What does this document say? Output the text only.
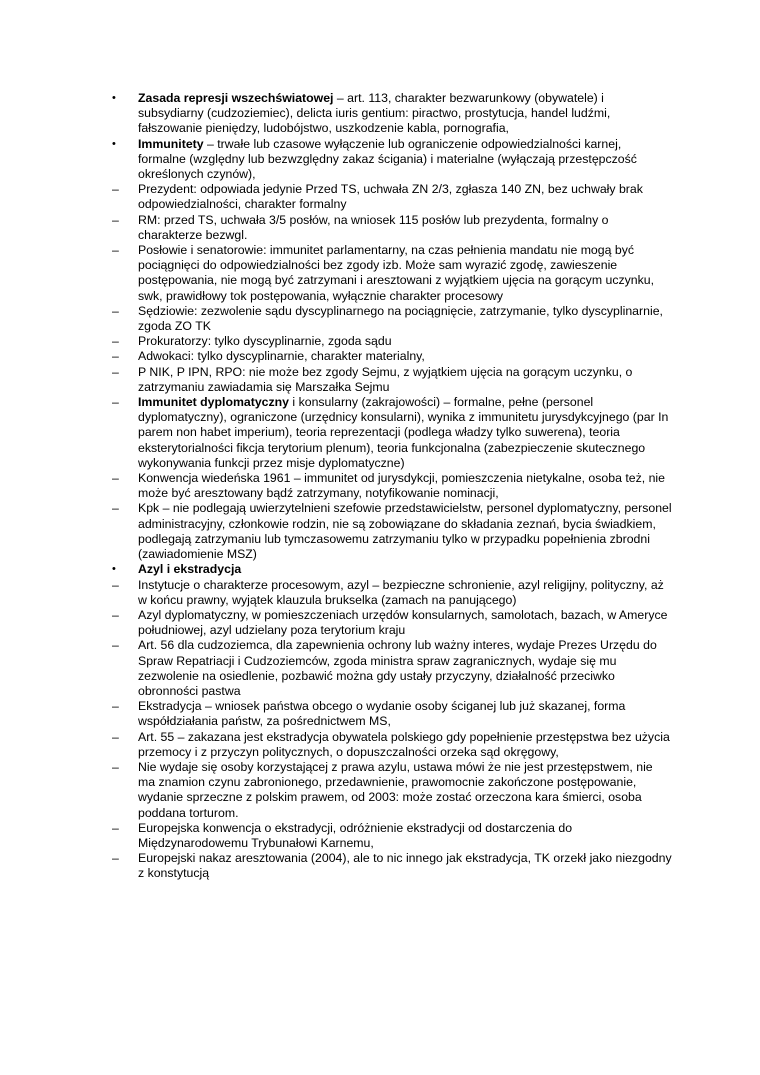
•	Zasada represji wszechświatowej – art. 113, charakter bezwarunkowy (obywatele) i subsydiarny (cudzoziemiec), delicta iuris gentium: piractwo, prostytucja, handel ludźmi, fałszowanie pieniędzy, ludobójstwo, uszkodzenie kabla, pornografia,
•	Immunitety – trwałe lub czasowe wyłączenie lub ograniczenie odpowiedzialności karnej, formalne (względny lub bezwzględny zakaz ścigania) i materialne (wyłączają przestępczość określonych czynów),
–	Prezydent: odpowiada jedynie Przed TS, uchwała ZN 2/3, zgłasza 140 ZN, bez uchwały brak odpowiedzialności, charakter formalny
–	RM: przed TS, uchwała 3/5 posłów, na wniosek 115 posłów lub prezydenta, formalny o charakterze bezwgl.
–	Posłowie i senatorowie: immunitet parlamentarny, na czas pełnienia mandatu nie mogą być pociągnięci do odpowiedzialności bez zgody izb. Może sam wyrazić zgodę, zawieszenie postępowania, nie mogą być zatrzymani i aresztowani z wyjątkiem ujęcia na gorącym uczynku, swk, prawidłowy tok postępowania, wyłącznie charakter procesowy
–	Sędziowie: zezwolenie sądu dyscyplinarnego na pociągnięcie, zatrzymanie, tylko dyscyplinarnie, zgoda ZO TK
–	Prokuratorzy: tylko dyscyplinarnie, zgoda sądu
–	Adwokaci: tylko dyscyplinarnie, charakter materialny,
–	P NIK, P IPN, RPO: nie może bez zgody Sejmu, z wyjątkiem ujęcia na gorącym uczynku, o zatrzymaniu zawiadamia się Marszałka Sejmu
–	Immunitet dyplomatyczny i konsularny (zakrajowości) – formalne, pełne (personel dyplomatyczny), ograniczone (urzędnicy konsularni), wynika z immunitetu jurysdykcyjnego (par In parem non habet imperium), teoria reprezentacji (podlega władzy tylko suwerena), teoria eksterytorialności fikcja terytorium plenum), teoria funkcjonalna (zabezpieczenie skutecznego wykonywania funkcji przez misje dyplomatyczne)
–	Konwencja wiedeńska 1961 – immunitet od jurysdykcji, pomieszczenia nietykalne, osoba też, nie może być aresztowany bądź zatrzymany, notyfikowanie nominacji,
–	Kpk – nie podlegają uwierzytelnieni szefowie przedstawicielstw, personel dyplomatyczny, personel administracyjny, członkowie rodzin, nie są zobowiązane do składania zeznań, bycia świadkiem, podlegają zatrzymaniu lub tymczasowemu zatrzymaniu tylko w przypadku popełnienia zbrodni (zawiadomienie MSZ)
•	Azyl i ekstradycja
–	Instytucje o charakterze procesowym, azyl – bezpieczne schronienie, azyl religijny, polityczny, aż w końcu prawny, wyjątek klauzula brukselka (zamach na panującego)
–	Azyl dyplomatyczny, w pomieszczeniach urzędów konsularnych, samolotach, bazach, w Ameryce południowej, azyl udzielany poza terytorium kraju
–	Art. 56 dla cudzoziemca, dla zapewnienia ochrony lub ważny interes, wydaje Prezes Urzędu do Spraw Repatriacji i Cudzoziemców, zgoda ministra spraw zagranicznych, wydaje się mu zezwolenie na osiedlenie, pozbawić można gdy ustały przyczyny, działalność przeciwko obronności pastwa
–	Ekstradycja – wniosek państwa obcego o wydanie osoby ściganej lub już skazanej, forma współdziałania państw, za pośrednictwem MS,
–	Art. 55 – zakazana jest ekstradycja obywatela polskiego gdy popełnienie przestępstwa bez użycia przemocy i z przyczyn politycznych, o dopuszczalności orzeka sąd okręgowy,
–	Nie wydaje się osoby korzystającej z prawa azylu, ustawa mówi że nie jest przestępstwem, nie ma znamion czynu zabronionego, przedawnienie, prawomocnie zakończone postępowanie, wydanie sprzeczne z polskim prawem, od 2003: może zostać orzeczona kara śmierci, osoba poddana torturom.
–	Europejska konwencja o ekstradycji, odróżnienie ekstradycji od dostarczenia do Międzynarodowemu Trybunałowi Karnemu,
–	Europejski nakaz aresztowania (2004), ale to nic innego jak ekstradycja, TK orzekł jako niezgodny z konstytucją
